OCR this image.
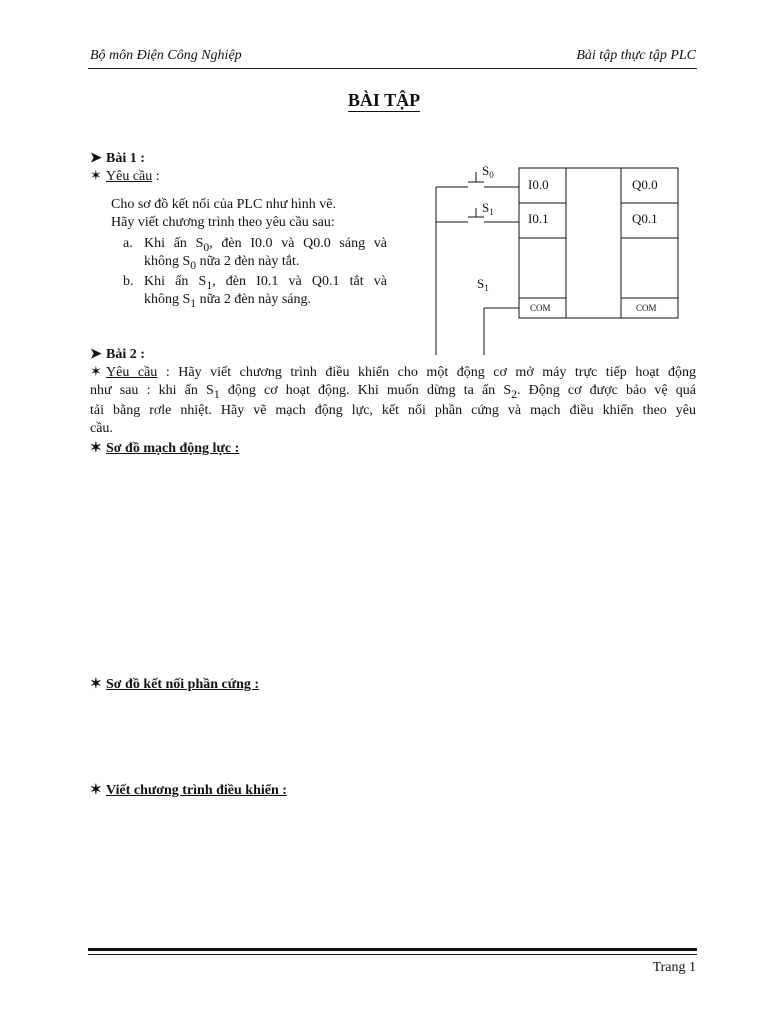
Bộ môn Điện Công Nghiệp	Bài tập thực tập PLC
BÀI TẬP
➤ Bài 1 :
✶ Yêu cầu :
Cho sơ đồ kết nối của PLC như hình vẽ.
Hãy viết chương trình theo yêu cầu sau:
a. Khi ấn $S_0$, đèn I0.0 và Q0.0 sáng và
không $S_0$ nữa 2 đèn này tắt.
b. Khi ấn $S_1$, đèn I0.1 và Q0.1 tắt và
không $S_1$ nữa 2 đèn này sáng.
$S_0$
$S_1$
$S_1$
I0.0
I0.1
Q0.0
Q0.1
COM	COM
➤ Bài 2 :
✶ Yêu cầu : Hãy viết chương trình điều khiển cho một động cơ mở máy trực tiếp hoạt động
như sau : khi ấn $S_1$ động cơ hoạt động. Khi muốn dừng ta ấn $S_2$. Động cơ được bảo vệ quá
tải bằng rơle nhiệt. Hãy vẽ mạch động lực, kết nối phần cứng và mạch điều khiển theo yêu
cầu.
✶ Sơ đồ mạch động lực :
✶ Sơ đồ kết nối phần cứng :
✶ Viết chương trình điều khiển :
Trang 1
